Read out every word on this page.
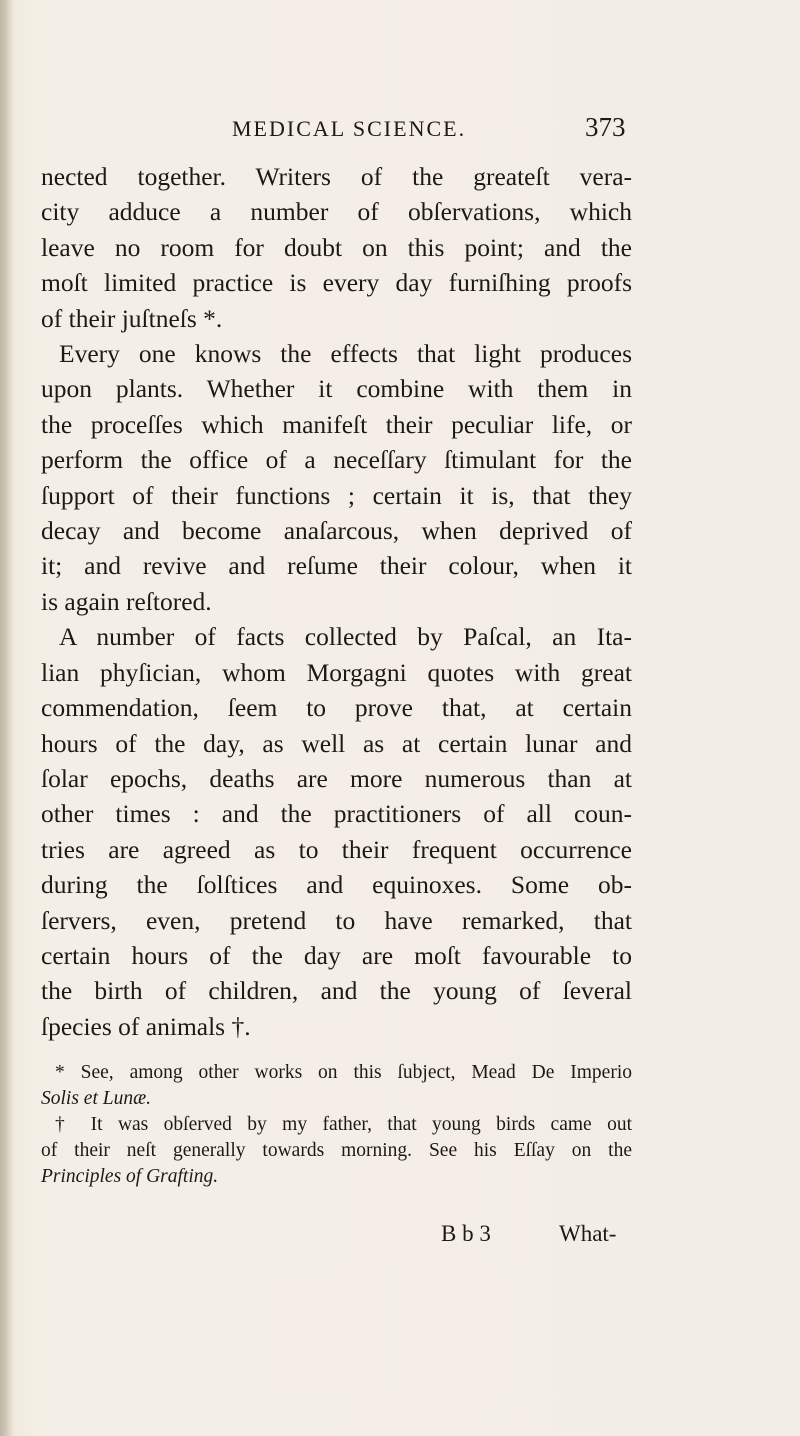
MEDICAL SCIENCE.	373
nected together. Writers of the greateſt vera-
city adduce a number of obſervations, which
leave no room for doubt on this point; and the
moſt limited practice is every day furniſhing proofs
of their juſtneſs *.
Every one knows the effects that light produces
upon plants. Whether it combine with them in
the proceſſes which manifeſt their peculiar life, or
perform the office of a neceſſary ſtimulant for the
ſupport of their functions ; certain it is, that they
decay and become anaſarcous, when deprived of
it; and revive and reſume their colour, when it
is again reſtored.
A number of facts collected by Paſcal, an Ita-
lian phyſician, whom Morgagni quotes with great
commendation, ſeem to prove that, at certain
hours of the day, as well as at certain lunar and
ſolar epochs, deaths are more numerous than at
other times : and the practitioners of all coun-
tries are agreed as to their frequent occurrence
during the ſolſtices and equinoxes. Some ob-
ſervers, even, pretend to have remarked, that
certain hours of the day are moſt favourable to
the birth of children, and the young of ſeveral
ſpecies of animals †.
* See, among other works on this ſubject, Mead De Imperio
Solis et Lunæ.
† It was obſerved by my father, that young birds came out
of their neſt generally towards morning. See his Eſſay on the
Principles of Grafting.
B b 3	What-
